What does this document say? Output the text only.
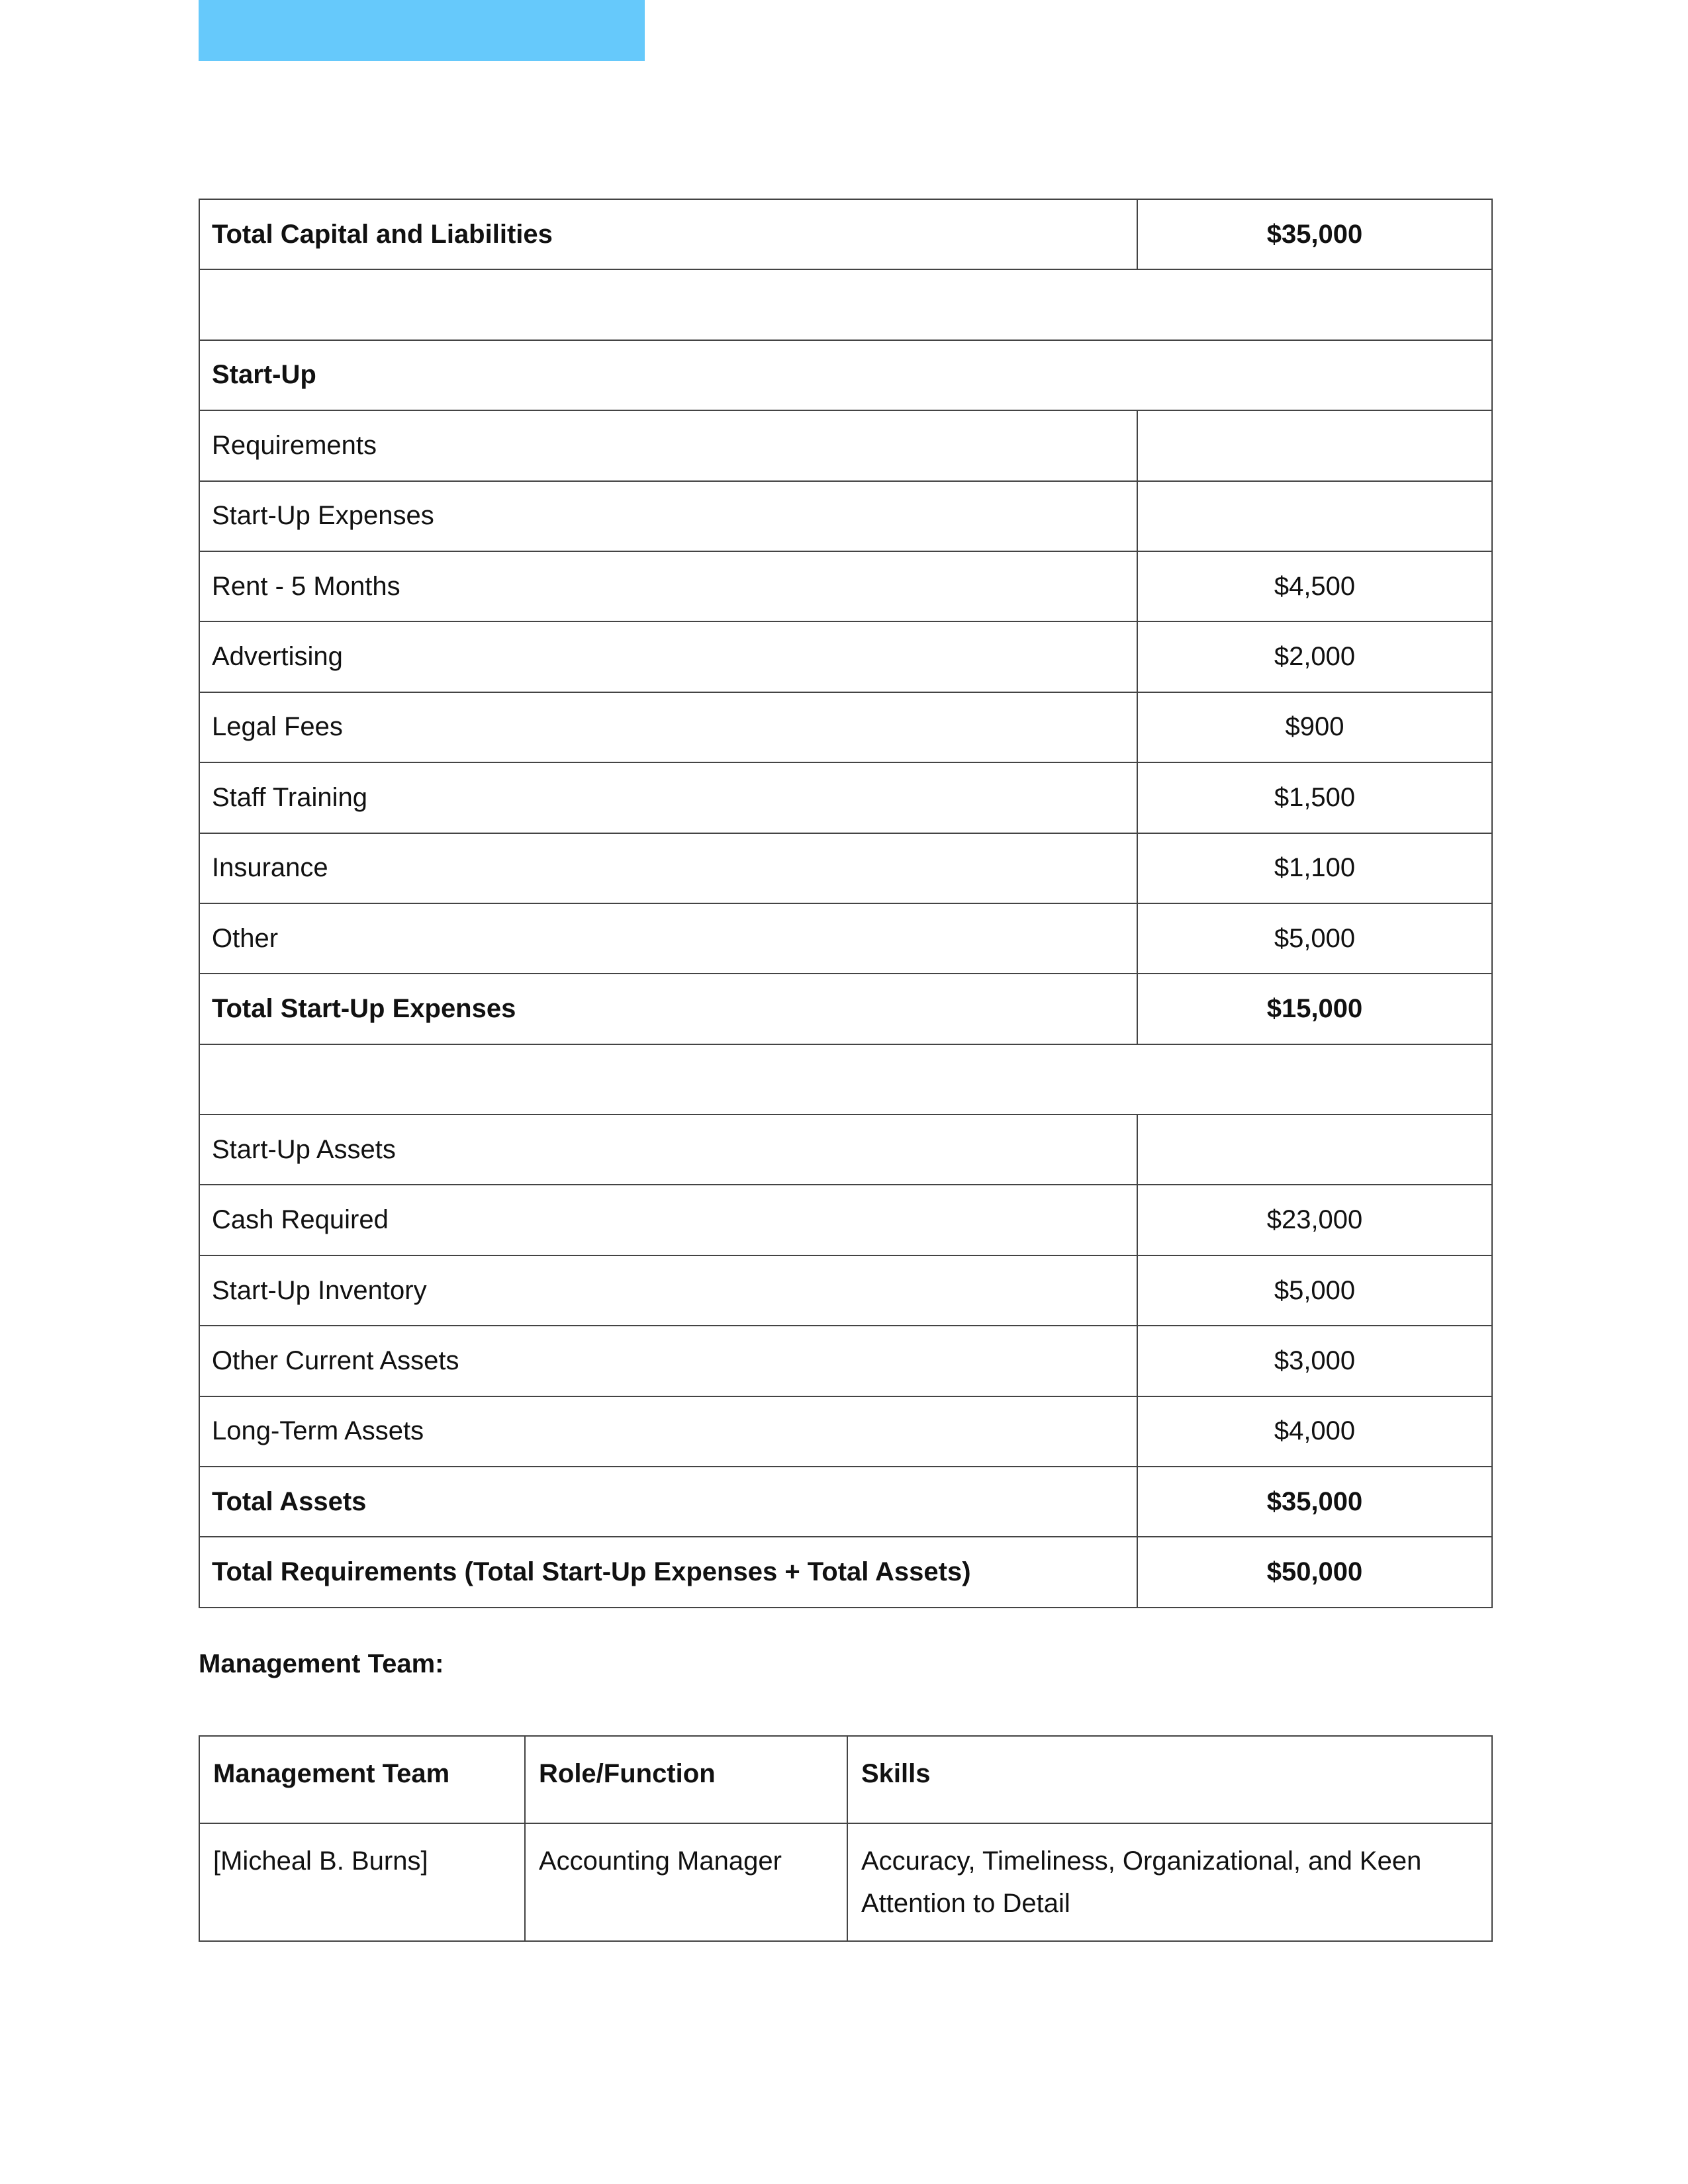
Total Capital and Liabilities	$35,000

Start-Up	
Requirements	
Start-Up Expenses	
Rent - 5 Months	$4,500
Advertising	$2,000
Legal Fees	$900
Staff Training	$1,500
Insurance	$1,100
Other	$5,000
Total Start-Up Expenses	$15,000

Start-Up Assets	
Cash Required	$23,000
Start-Up Inventory	$5,000
Other Current Assets	$3,000
Long-Term Assets	$4,000
Total Assets	$35,000
Total Requirements (Total Start-Up Expenses + Total Assets)	$50,000
Management Team:
Management Team	Role/Function	Skills
[Micheal B. Burns]	Accounting Manager	Accuracy, Timeliness, Organizational, and Keen Attention to Detail
